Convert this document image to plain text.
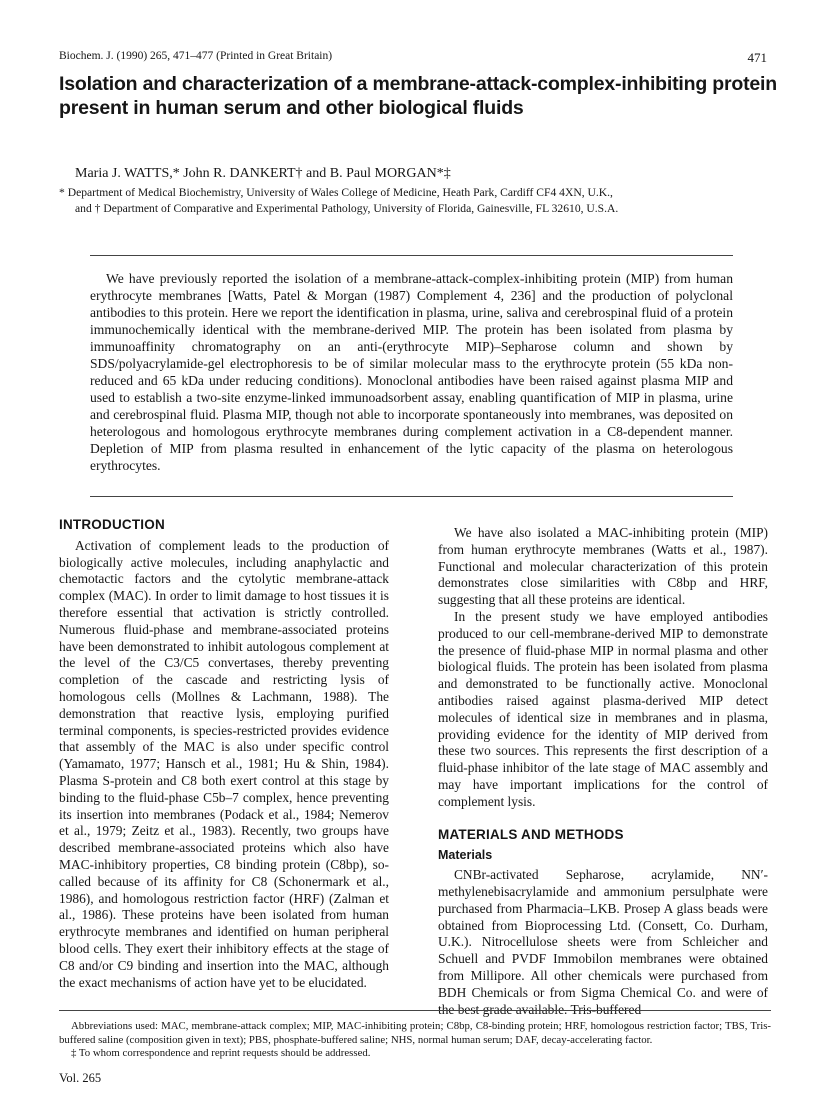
Biochem. J. (1990) 265, 471–477 (Printed in Great Britain)	471
Isolation and characterization of a membrane-attack-complex-inhibiting protein present in human serum and other biological fluids
Maria J. WATTS,* John R. DANKERT† and B. Paul MORGAN*‡
* Department of Medical Biochemistry, University of Wales College of Medicine, Heath Park, Cardiff CF4 4XN, U.K.,
and † Department of Comparative and Experimental Pathology, University of Florida, Gainesville, FL 32610, U.S.A.
We have previously reported the isolation of a membrane-attack-complex-inhibiting protein (MIP) from human erythrocyte membranes [Watts, Patel & Morgan (1987) Complement 4, 236] and the production of polyclonal antibodies to this protein. Here we report the identification in plasma, urine, saliva and cerebrospinal fluid of a protein immunochemically identical with the membrane-derived MIP. The protein has been isolated from plasma by immunoaffinity chromatography on an anti-(erythrocyte MIP)–Sepharose column and shown by SDS/polyacrylamide-gel electrophoresis to be of similar molecular mass to the erythrocyte protein (55 kDa non-reduced and 65 kDa under reducing conditions). Monoclonal antibodies have been raised against plasma MIP and used to establish a two-site enzyme-linked immunoadsorbent assay, enabling quantification of MIP in plasma, urine and cerebrospinal fluid. Plasma MIP, though not able to incorporate spontaneously into membranes, was deposited on heterologous and homologous erythrocyte membranes during complement activation in a C8-dependent manner. Depletion of MIP from plasma resulted in enhancement of the lytic capacity of the plasma on heterologous erythrocytes.
INTRODUCTION

Activation of complement leads to the production of biologically active molecules, including anaphylactic and chemotactic factors and the cytolytic membrane-attack complex (MAC). In order to limit damage to host tissues it is therefore essential that activation is strictly controlled. Numerous fluid-phase and membrane-associated proteins have been demonstrated to inhibit autologous complement at the level of the C3/C5 convertases, thereby preventing completion of the cascade and restricting lysis of homologous cells (Mollnes & Lachmann, 1988). The demonstration that reactive lysis, employing purified terminal components, is species-restricted provides evidence that assembly of the MAC is also under specific control (Yamamato, 1977; Hansch et al., 1981; Hu & Shin, 1984). Plasma S-protein and C8 both exert control at this stage by binding to the fluid-phase C5b–7 complex, hence preventing its insertion into membranes (Podack et al., 1984; Nemerov et al., 1979; Zeitz et al., 1983). Recently, two groups have described membrane-associated proteins which also have MAC-inhibitory properties, C8 binding protein (C8bp), so-called because of its affinity for C8 (Schonermark et al., 1986), and homologous restriction factor (HRF) (Zalman et al., 1986). These proteins have been isolated from human erythrocyte membranes and identified on human peripheral blood cells. They exert their inhibitory effects at the stage of C8 and/or C9 binding and insertion into the MAC, although the exact mechanisms of action have yet to be elucidated.

We have also isolated a MAC-inhibiting protein (MIP) from human erythrocyte membranes (Watts et al., 1987). Functional and molecular characterization of this protein demonstrates close similarities with C8bp and HRF, suggesting that all these proteins are identical.

In the present study we have employed antibodies produced to our cell-membrane-derived MIP to demonstrate the presence of fluid-phase MIP in normal plasma and other biological fluids. The protein has been isolated from plasma and demonstrated to be functionally active. Monoclonal antibodies raised against plasma-derived MIP detect molecules of identical size in membranes and in plasma, providing evidence for the identity of MIP derived from these two sources. This represents the first description of a fluid-phase inhibitor of the late stage of MAC assembly and may have important implications for the control of complement lysis.

MATERIALS AND METHODS
Materials

CNBr-activated Sepharose, acrylamide, NN′-methylenebisacrylamide and ammonium persulphate were purchased from Pharmacia–LKB. Prosep A glass beads were obtained from Bioprocessing Ltd. (Consett, Co. Durham, U.K.). Nitrocellulose sheets were from Schleicher and Schuell and PVDF Immobilon membranes were obtained from Millipore. All other chemicals were purchased from BDH Chemicals or from Sigma Chemical Co. and were of the best grade available. Tris-buffered

Abbreviations used: MAC, membrane-attack complex; MIP, MAC-inhibiting protein; C8bp, C8-binding protein; HRF, homologous restriction factor; TBS, Tris-buffered saline (composition given in text); PBS, phosphate-buffered saline; NHS, normal human serum; DAF, decay-accelerating factor.

‡ To whom correspondence and reprint requests should be addressed.

Vol. 265
